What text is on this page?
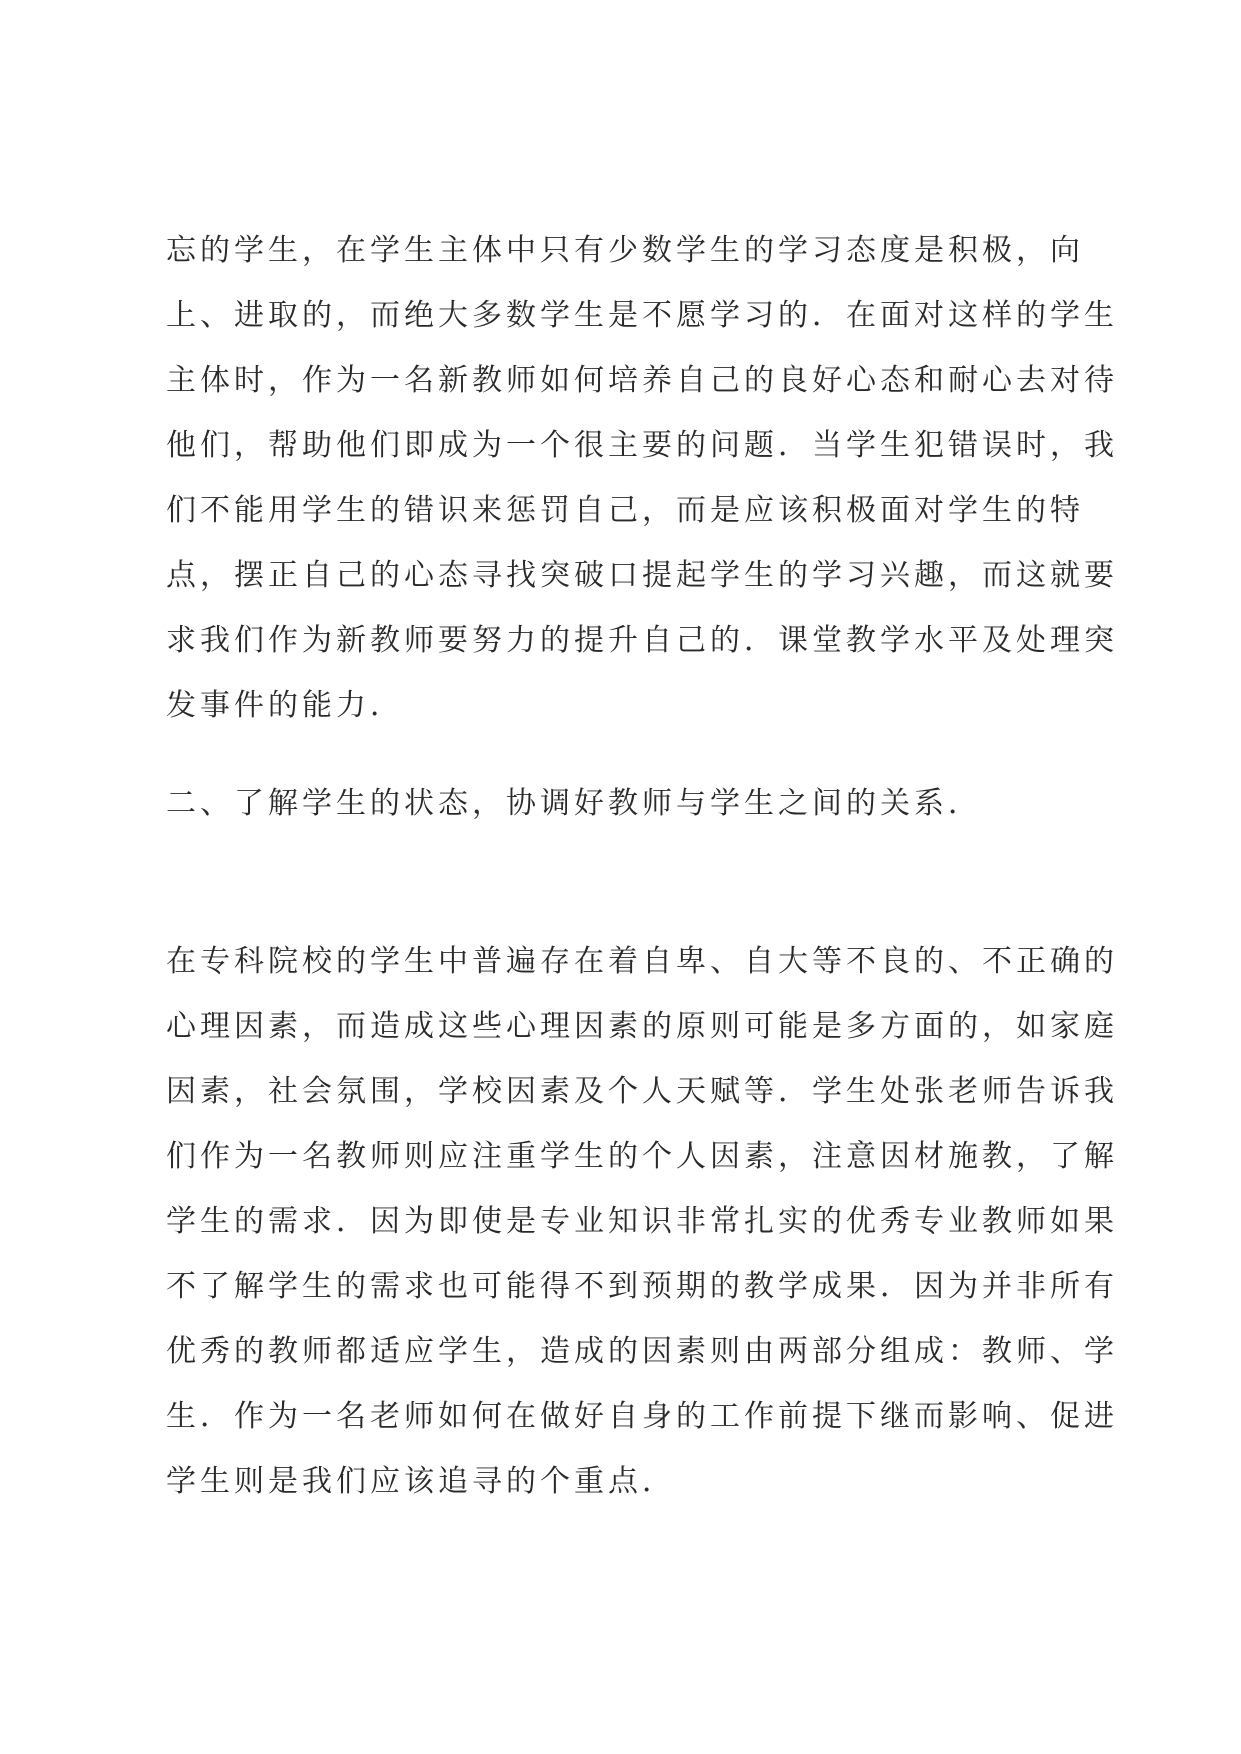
忘的学生，在学生主体中只有少数学生的学习态度是积极，向
上、进取的，而绝大多数学生是不愿学习的．在面对这样的学生
主体时，作为一名新教师如何培养自己的良好心态和耐心去对待
他们，帮助他们即成为一个很主要的问题．当学生犯错误时，我
们不能用学生的错识来惩罚自己，而是应该积极面对学生的特
点，摆正自己的心态寻找突破口提起学生的学习兴趣，而这就要
求我们作为新教师要努力的提升自己的．课堂教学水平及处理突
发事件的能力．
二、了解学生的状态，协调好教师与学生之间的关系．
在专科院校的学生中普遍存在着自卑、自大等不良的、不正确的
心理因素，而造成这些心理因素的原则可能是多方面的，如家庭
因素，社会氛围，学校因素及个人天赋等．学生处张老师告诉我
们作为一名教师则应注重学生的个人因素，注意因材施教，了解
学生的需求．因为即使是专业知识非常扎实的优秀专业教师如果
不了解学生的需求也可能得不到预期的教学成果．因为并非所有
优秀的教师都适应学生，造成的因素则由两部分组成：教师、学
生．作为一名老师如何在做好自身的工作前提下继而影响、促进
学生则是我们应该追寻的个重点．
